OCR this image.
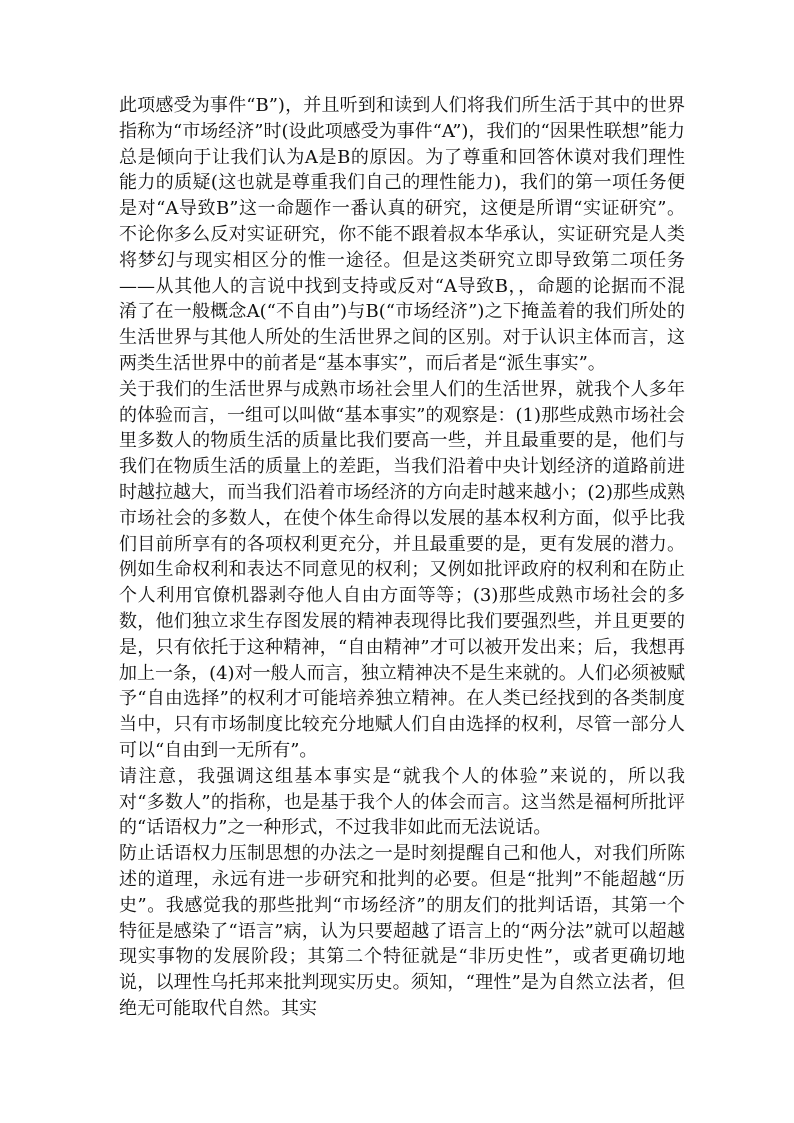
此项感受为事件“B”)，并且听到和读到人们将我们所生活于其中的世界指称为“市场经济”时(设此项感受为事件“A”)，我们的“因果性联想”能力总是倾向于让我们认为A是B的原因。为了尊重和回答休谟对我们理性能力的质疑(这也就是尊重我们自己的理性能力)，我们的第一项任务便是对“A导致B”这一命题作一番认真的研究，这便是所谓“实证研究”。不论你多么反对实证研究，你不能不跟着叔本华承认，实证研究是人类将梦幻与现实相区分的惟一途径。但是这类研究立即导致第二项任务——从其他人的言说中找到支持或反对“A导致B，，命题的论据而不混淆了在一般概念A(“不自由”)与B(“市场经济”)之下掩盖着的我们所处的生活世界与其他人所处的生活世界之间的区别。对于认识主体而言，这两类生活世界中的前者是“基本事实”，而后者是“派生事实”。

关于我们的生活世界与成熟市场社会里人们的生活世界，就我个人多年的体验而言，一组可以叫做“基本事实”的观察是：(1)那些成熟市场社会里多数人的物质生活的质量比我们要高一些，并且最重要的是，他们与我们在物质生活的质量上的差距，当我们沿着中央计划经济的道路前进时越拉越大，而当我们沿着市场经济的方向走时越来越小；(2)那些成熟市场社会的多数人，在使个体生命得以发展的基本权利方面，似乎比我们目前所享有的各项权利更充分，并且最重要的是，更有发展的潜力。例如生命权利和表达不同意见的权利；又例如批评政府的权利和在防止个人利用官僚机器剥夺他人自由方面等等；(3)那些成熟市场社会的多数，他们独立求生存图发展的精神表现得比我们要强烈些，并且更要的是，只有依托于这种精神，“自由精神”才可以被开发出来；后，我想再加上一条，(4)对一般人而言，独立精神决不是生来就的。人们必须被赋予“自由选择”的权利才可能培养独立精神。在人类已经找到的各类制度当中，只有市场制度比较充分地赋人们自由选择的权利，尽管一部分人可以“自由到一无所有”。

请注意，我强调这组基本事实是“就我个人的体验”来说的，所以我对“多数人”的指称，也是基于我个人的体会而言。这当然是福柯所批评的“话语权力”之一种形式，不过我非如此而无法说话。

防止话语权力压制思想的办法之一是时刻提醒自己和他人，对我们所陈述的道理，永远有进一步研究和批判的必要。但是“批判”不能超越“历史”。我感觉我的那些批判“市场经济”的朋友们的批判话语，其第一个特征是感染了“语言”病，认为只要超越了语言上的“两分法”就可以超越现实事物的发展阶段；其第二个特征就是“非历史性”，或者更确切地说，以理性乌托邦来批判现实历史。须知，“理性”是为自然立法者，但绝无可能取代自然。其实
